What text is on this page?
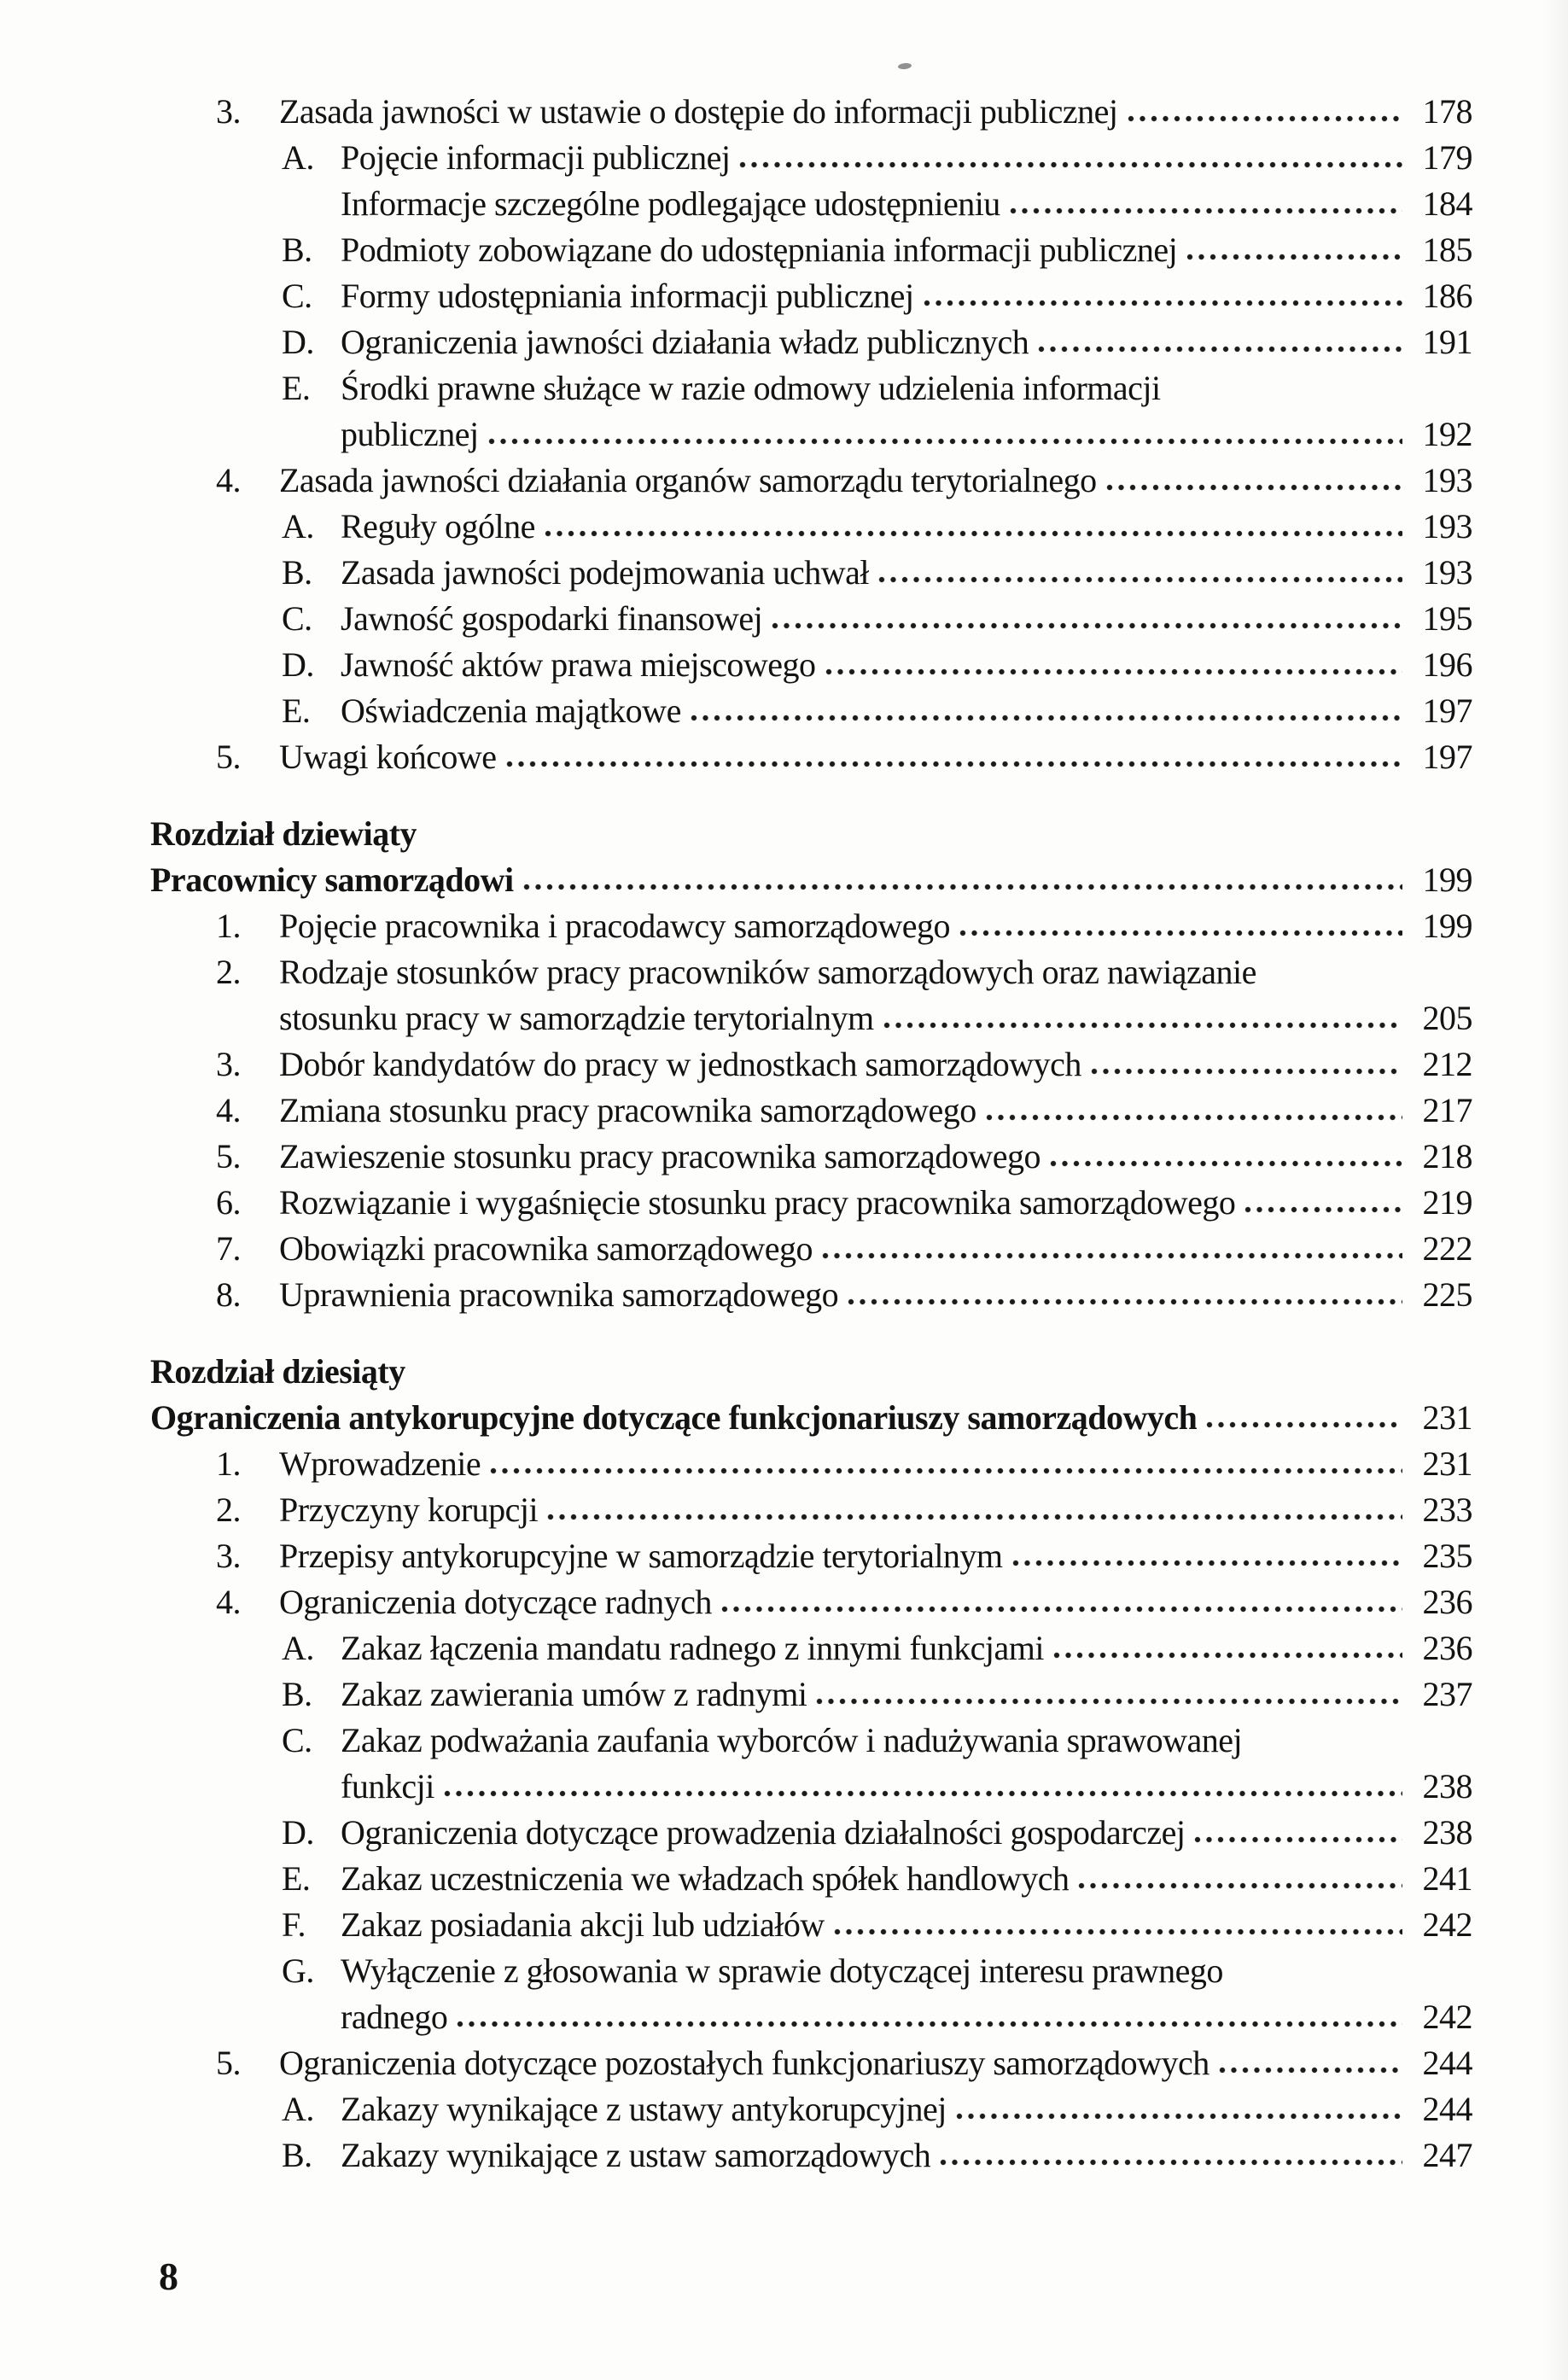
3.	Zasada jawności w ustawie o dostępie do informacji publicznej	178
A. Pojęcie informacji publicznej	179
Informacje szczególne podlegające udostępnieniu	184
B. Podmioty zobowiązane do udostępniania informacji publicznej	185
C. Formy udostępniania informacji publicznej	186
D. Ograniczenia jawności działania władz publicznych	191
E. Środki prawne służące w razie odmowy udzielenia informacji
publicznej	192
4.	Zasada jawności działania organów samorządu terytorialnego	193
A. Reguły ogólne	193
B. Zasada jawności podejmowania uchwał	193
C. Jawność gospodarki finansowej	195
D. Jawność aktów prawa miejscowego	196
E. Oświadczenia majątkowe	197
5.	Uwagi końcowe	197
Rozdział dziewiąty
Pracownicy samorządowi	199
1.	Pojęcie pracownika i pracodawcy samorządowego	199
2.	Rodzaje stosunków pracy pracowników samorządowych oraz nawiązanie
stosunku pracy w samorządzie terytorialnym	205
3.	Dobór kandydatów do pracy w jednostkach samorządowych	212
4.	Zmiana stosunku pracy pracownika samorządowego	217
5.	Zawieszenie stosunku pracy pracownika samorządowego	218
6.	Rozwiązanie i wygaśnięcie stosunku pracy pracownika samorządowego	219
7.	Obowiązki pracownika samorządowego	222
8.	Uprawnienia pracownika samorządowego	225
Rozdział dziesiąty
Ograniczenia antykorupcyjne dotyczące funkcjonariuszy samorządowych	231
1.	Wprowadzenie	231
2.	Przyczyny korupcji	233
3.	Przepisy antykorupcyjne w samorządzie terytorialnym	235
4.	Ograniczenia dotyczące radnych	236
A. Zakaz łączenia mandatu radnego z innymi funkcjami	236
B. Zakaz zawierania umów z radnymi	237
C. Zakaz podważania zaufania wyborców i nadużywania sprawowanej
funkcji	238
D. Ograniczenia dotyczące prowadzenia działalności gospodarczej	238
E. Zakaz uczestniczenia we władzach spółek handlowych	241
F.	Zakaz posiadania akcji lub udziałów	242
G. Wyłączenie z głosowania w sprawie dotyczącej interesu prawnego
radnego	242
5.	Ograniczenia dotyczące pozostałych funkcjonariuszy samorządowych	244
A. Zakazy wynikające z ustawy antykorupcyjnej	244
B. Zakazy wynikające z ustaw samorządowych	247
8
